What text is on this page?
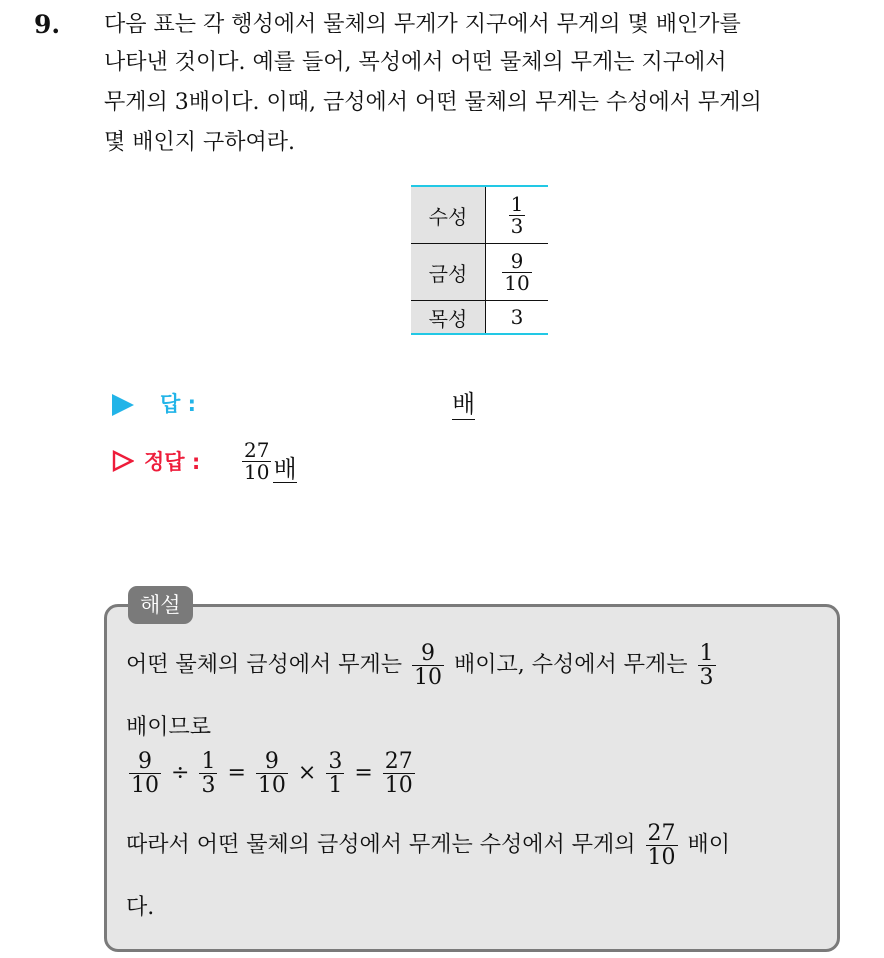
9. 다음 표는 각 행성에서 물체의 무게가 지구에서 무게의 몇 배인가를
나타낸 것이다. 예를 들어, 목성에서 어떤 물체의 무게는 지구에서
무게의 3배이다. 이때, 금성에서 어떤 물체의 무게는 수성에서 무게의
몇 배인지 구하여라.
수성	$\frac{1}{3}$

금성	$\frac{9}{10}$

목성	3
답 :	배
정답 : $\frac{27}{10}$ 배
해설
어떤 물체의 금성에서 무게는 $\frac{9}{10}$ 배이고, 수성에서 무게는 $\frac{1}{3}$
배이므로
$\frac{9}{10} \div \frac{1}{3} = \frac{9}{10} \times \frac{3}{1} = \frac{27}{10}$
따라서 어떤 물체의 금성에서 무게는 수성에서 무게의 $\frac{27}{10}$ 배이
다.
